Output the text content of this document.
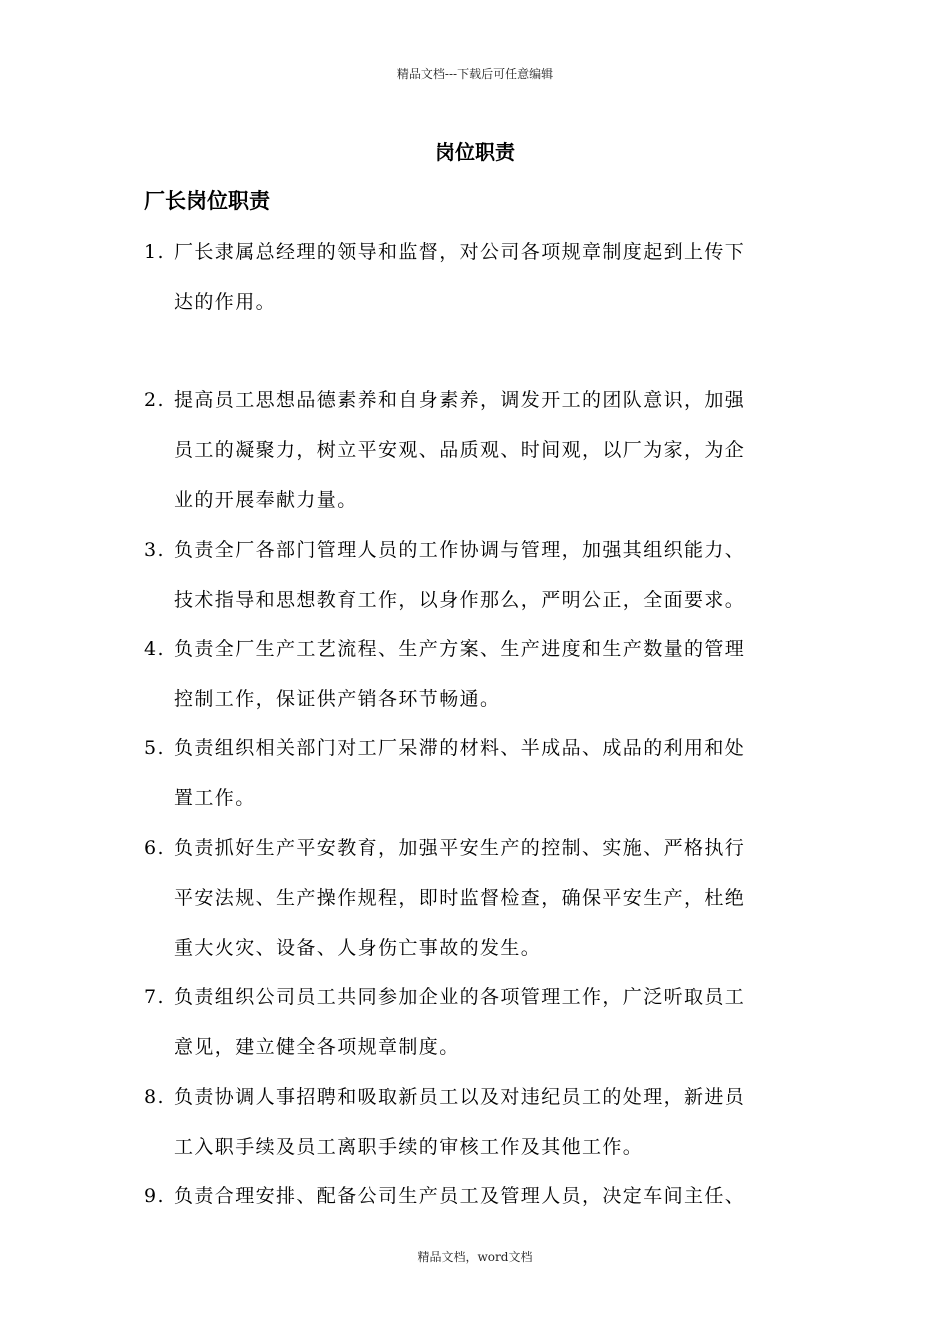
精品文档---下载后可任意编辑
岗位职责
厂长岗位职责
1. 厂长隶属总经理的领导和监督，对公司各项规章制度起到上传下
达的作用。
2. 提高员工思想品德素养和自身素养，调发开工的团队意识，加强
员工的凝聚力，树立平安观、品质观、时间观，以厂为家，为企
业的开展奉献力量。
3. 负责全厂各部门管理人员的工作协调与管理，加强其组织能力、
技术指导和思想教育工作，以身作那么，严明公正，全面要求。
4. 负责全厂生产工艺流程、生产方案、生产进度和生产数量的管理
控制工作，保证供产销各环节畅通。
5. 负责组织相关部门对工厂呆滞的材料、半成品、成品的利用和处
置工作。
6. 负责抓好生产平安教育，加强平安生产的控制、实施、严格执行
平安法规、生产操作规程，即时监督检查，确保平安生产，杜绝
重大火灾、设备、人身伤亡事故的发生。
7. 负责组织公司员工共同参加企业的各项管理工作，广泛听取员工
意见，建立健全各项规章制度。
8. 负责协调人事招聘和吸取新员工以及对违纪员工的处理，新进员
工入职手续及员工离职手续的审核工作及其他工作。
9. 负责合理安排、配备公司生产员工及管理人员，决定车间主任、
精品文档，word文档
